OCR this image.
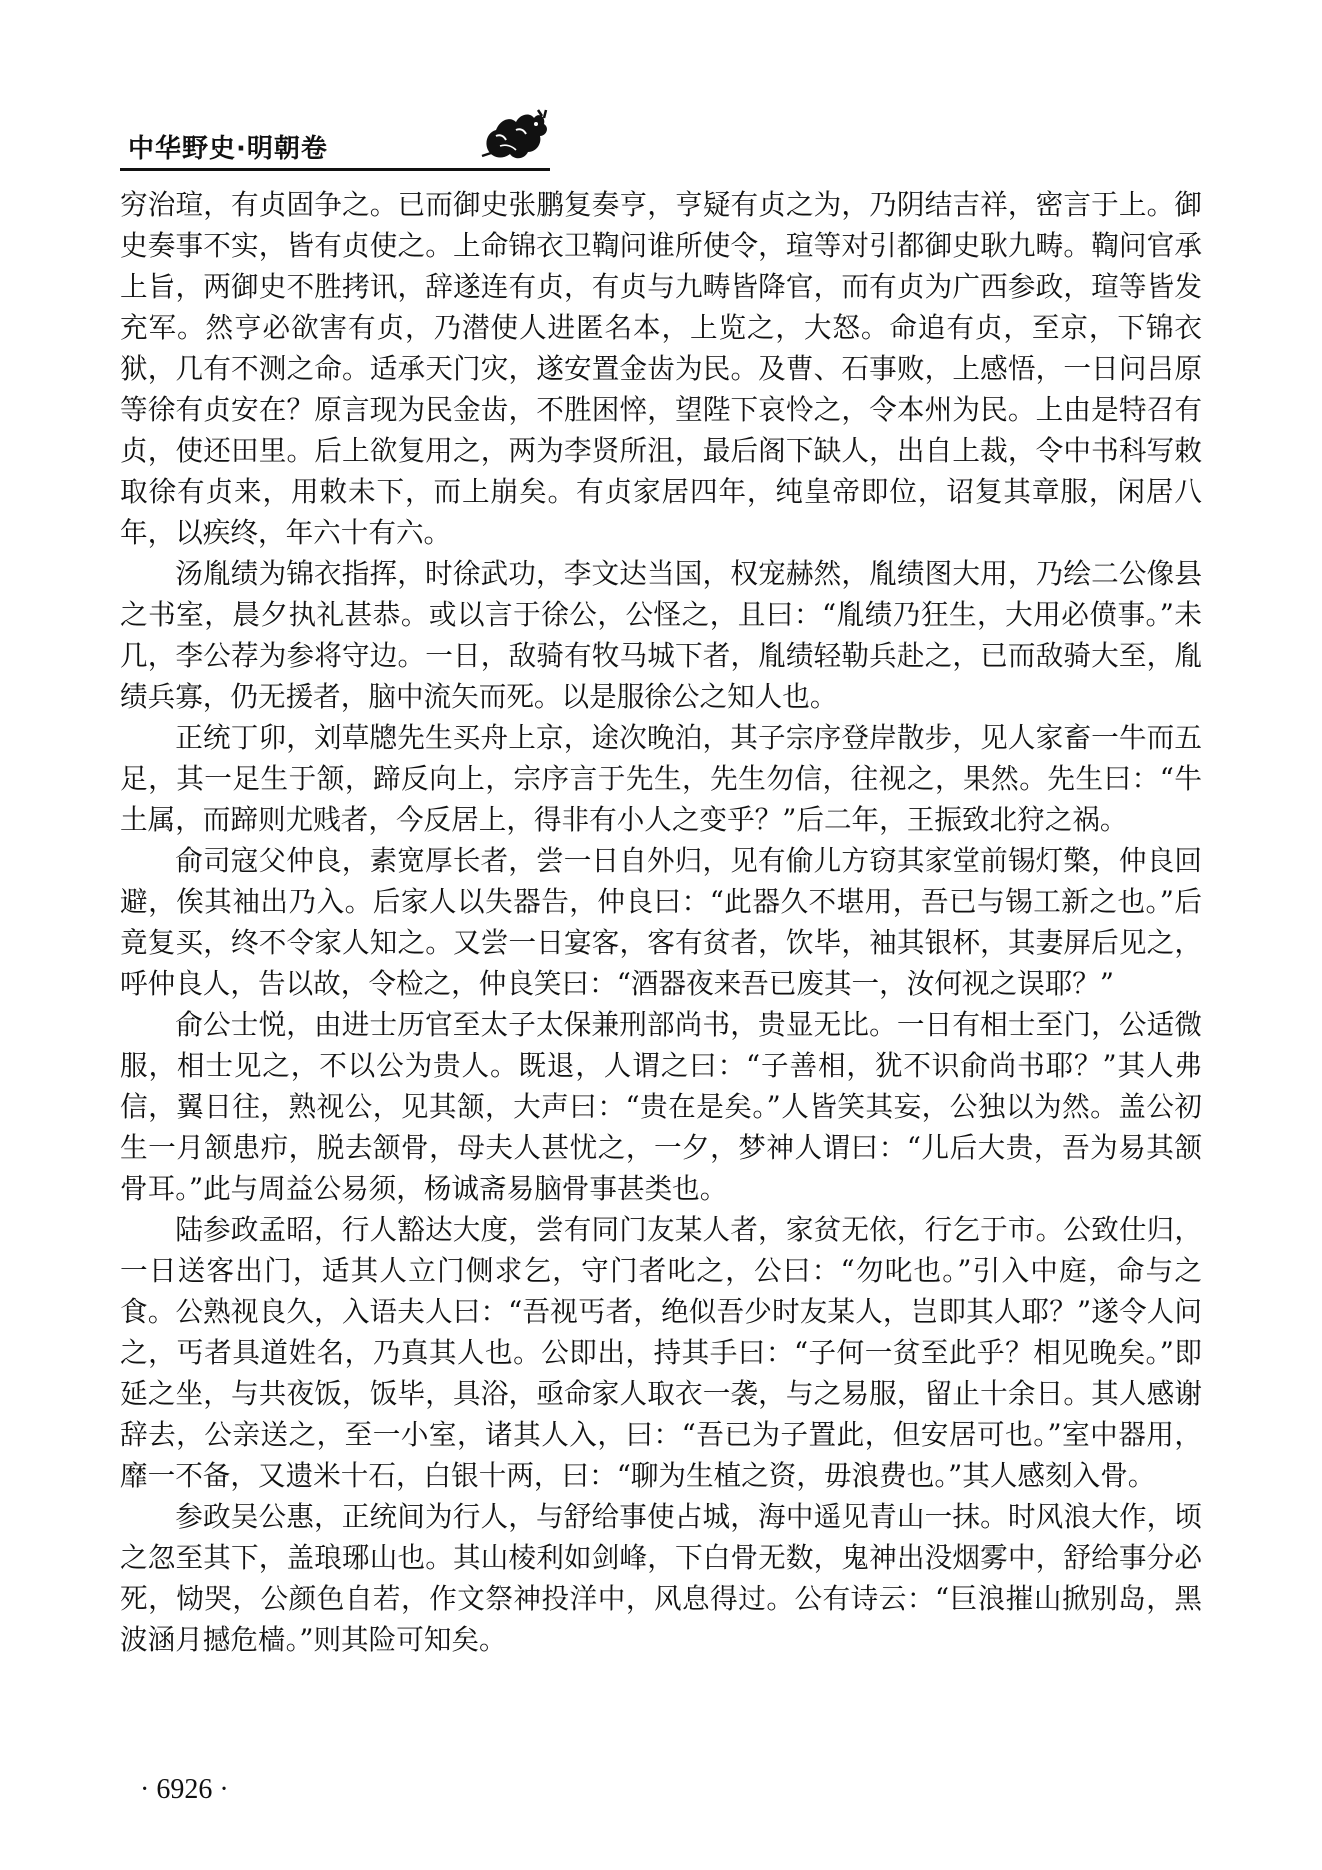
中华野史·明朝卷

穷治瑄，有贞固争之。已而御史张鹏复奏亨，亨疑有贞之为，乃阴结吉祥，密言于上。御史奏事不实，皆有贞使之。上命锦衣卫鞫问谁所使令，瑄等对引都御史耿九畴。鞫问官承上旨，两御史不胜拷讯，辞遂连有贞，有贞与九畴皆降官，而有贞为广西参政，瑄等皆发充军。然亨必欲害有贞，乃潜使人进匿名本，上览之，大怒。命追有贞，至京，下锦衣狱，几有不测之命。适承天门灾，遂安置金齿为民。及曹、石事败，上感悟，一日问吕原等徐有贞安在？原言现为民金齿，不胜困悴，望陛下哀怜之，令本州为民。上由是特召有贞，使还田里。后上欲复用之，两为李贤所沮，最后阁下缺人，出自上裁，令中书科写敕取徐有贞来，用敕未下，而上崩矣。有贞家居四年，纯皇帝即位，诏复其章服，闲居八年，以疾终，年六十有六。

汤胤绩为锦衣指挥，时徐武功，李文达当国，权宠赫然，胤绩图大用，乃绘二公像县之书室，晨夕执礼甚恭。或以言于徐公，公怪之，且曰：“胤绩乃狂生，大用必偾事。”未几，李公荐为参将守边。一日，敌骑有牧马城下者，胤绩轻勒兵赴之，已而敌骑大至，胤绩兵寡，仍无援者，脑中流矢而死。以是服徐公之知人也。

正统丁卯，刘草牕先生买舟上京，途次晚泊，其子宗序登岸散步，见人家畜一牛而五足，其一足生于颔，蹄反向上，宗序言于先生，先生勿信，往视之，果然。先生曰：“牛土属，而蹄则尤贱者，今反居上，得非有小人之变乎？”后二年，王振致北狩之祸。

俞司寇父仲良，素宽厚长者，尝一日自外归，见有偷儿方窃其家堂前锡灯檠，仲良回避，俟其袖出乃入。后家人以失器告，仲良曰：“此器久不堪用，吾已与锡工新之也。”后竟复买，终不令家人知之。又尝一日宴客，客有贫者，饮毕，袖其银杯，其妻屏后见之，呼仲良人，告以故，令检之，仲良笑曰：“酒器夜来吾已废其一，汝何视之误耶？”

俞公士悦，由进士历官至太子太保兼刑部尚书，贵显无比。一日有相士至门，公适微服，相士见之，不以公为贵人。既退，人谓之曰：“子善相，犹不识俞尚书耶？”其人弗信，翼日往，熟视公，见其颔，大声曰：“贵在是矣。”人皆笑其妄，公独以为然。盖公初生一月颔患疖，脱去颔骨，母夫人甚忧之，一夕，梦神人谓曰：“儿后大贵，吾为易其颔骨耳。”此与周益公易须，杨诚斋易脑骨事甚类也。

陆参政孟昭，行人豁达大度，尝有同门友某人者，家贫无依，行乞于市。公致仕归，一日送客出门，适其人立门侧求乞，守门者叱之，公曰：“勿叱也。”引入中庭，命与之食。公熟视良久，入语夫人曰：“吾视丐者，绝似吾少时友某人，岂即其人耶？”遂令人问之，丐者具道姓名，乃真其人也。公即出，持其手曰：“子何一贫至此乎？相见晚矣。”即延之坐，与共夜饭，饭毕，具浴，亟命家人取衣一袭，与之易服，留止十余日。其人感谢辞去，公亲送之，至一小室，诸其人入，曰：“吾已为子置此，但安居可也。”室中器用，靡一不备，又遗米十石，白银十两，曰：“聊为生植之资，毋浪费也。”其人感刻入骨。

参政吴公惠，正统间为行人，与舒给事使占城，海中遥见青山一抹。时风浪大作，顷之忽至其下，盖琅琊山也。其山棱利如剑峰，下白骨无数，鬼神出没烟雾中，舒给事分必死，恸哭，公颜色自若，作文祭神投洋中，风息得过。公有诗云：“巨浪摧山掀别岛，黑波涵月撼危樯。”则其险可知矣。

· 6926 ·
